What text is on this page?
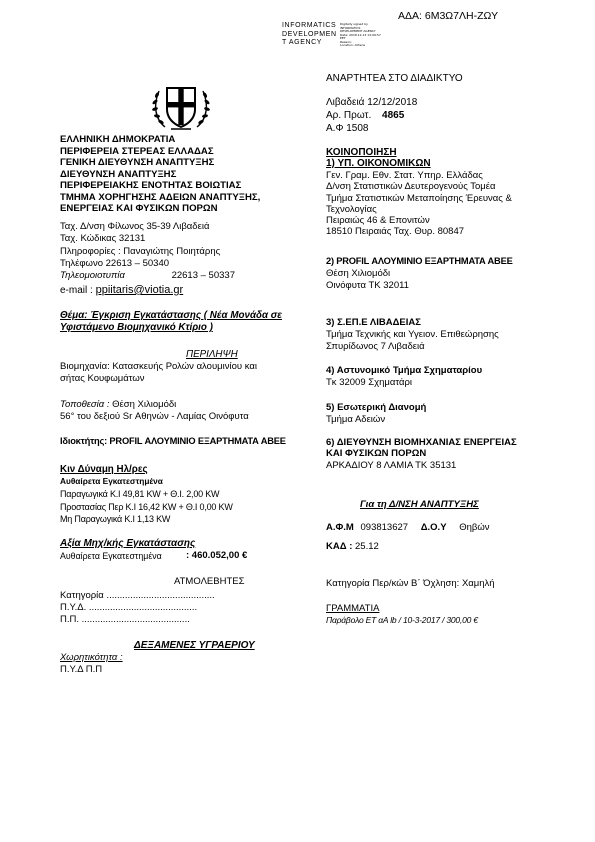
ΑΔΑ: 6Μ3Ω7ΛΗ-ΖΩΥ
INFORMATICS
DEVELOPMEN
T AGENCY
Digitally signed by
INFORMATICS
DEVELOPMENT AGENCY
Date: 2018.12.13 13:09:57
EET
Reason:
Location: Athens
ΑΝΑΡΤΗΤΕΑ ΣΤΟ ΔΙΑΔΙΚΤΥΟ
Λιβαδειά 12/12/2018
Αρ. Πρωτ. 4865
Α.Φ 1508
ΕΛΛΗΝΙΚΗ ΔΗΜΟΚΡΑΤΙΑ
ΠΕΡΙΦΕΡΕΙΑ ΣΤΕΡΕΑΣ ΕΛΛΑΔΑΣ
ΓΕΝΙΚΗ ΔΙΕΥΘΥΝΣΗ ΑΝΑΠΤΥΞΗΣ
ΔΙΕΥΘΥΝΣΗ ΑΝΑΠΤΥΞΗΣ
ΠΕΡΙΦΕΡΕΙΑΚΗΣ ΕΝΟΤΗΤΑΣ ΒΟΙΩΤΙΑΣ
ΤΜΗΜΑ ΧΟΡΗΓΗΣΗΣ ΑΔΕΙΩΝ ΑΝΑΠΤΥΞΗΣ,
ΕΝΕΡΓΕΙΑΣ ΚΑΙ ΦΥΣΙΚΩΝ ΠΟΡΩΝ
Ταχ. Δ/νση Φίλωνος 35-39 Λιβαδειά
Ταχ. Κώδικας 32131
Πληροφορίες : Παναγιώτης Ποιητάρης
Τηλέφωνο 22613 – 50340
Τηλεομοιοτυπία	22613 – 50337
e-mail : ppiitaris@viotia.gr
ΚΟΙΝΟΠΟΙΗΣΗ
1) ΥΠ. ΟΙΚΟΝΟΜΙΚΩΝ
Γεν. Γραμ. Εθν. Στατ. Υπηρ. Ελλάδας
Δ/νση Στατιστικών Δευτερογενούς Τομέα
Τμήμα Στατιστικών Μεταποίησης Έρευνας &
Τεχνολογίας
Πειραιώς 46 & Επονιτών
18510 Πειραιάς Ταχ. Θυρ. 80847
2) PROFIL ΑΛΟΥΜΙΝΙΟ ΕΞΑΡΤΗΜΑΤΑ ΑΒΕΕ
Θέση Χιλιομόδι
Οινόφυτα ΤΚ 32011
3) Σ.ΕΠ.Ε ΛΙΒΑΔΕΙΑΣ
Τμήμα Τεχνικής και Υγειον. Επιθεώρησης
Σπυρίδωνος 7 Λιβαδειά
4) Αστυνομικό Τμήμα Σχηματαρίου
Τκ 32009 Σχηματάρι
5) Εσωτερική Διανομή
Τμήμα Αδειών
6) ΔΙΕΥΘΥΝΣΗ ΒΙΟΜΗΧΑΝΙΑΣ ΕΝΕΡΓΕΙΑΣ
ΚΑΙ ΦΥΣΙΚΩΝ ΠΟΡΩΝ
ΑΡΚΑΔΙΟΥ 8 ΛΑΜΙΑ ΤΚ 35131
Θέμα: Έγκριση Εγκατάστασης ( Νέα Μονάδα σε
Υφιστάμενο Βιομηχανικό Κτίριο )
ΠΕΡΙΛΗΨΗ
Βιομηχανία: Κατασκευής Ρολών αλουμινίου και
σήτας Κουφωμάτων
Τοποθεσία : Θέση Χιλιομόδι
56° του δεξιού Sr Αθηνών - Λαμίας Οινόφυτα
Ιδιοκτήτης: PROFIL ΑΛΟΥΜΙΝΙΟ ΕΞΑΡΤΗΜΑΤΑ ΑΒΕΕ
Κιν Δύναμη Ηλ/ρες
Αυθαίρετα Εγκατεστημένα
Παραγωγικά Κ.Ι 49,81 KW + Θ.Ι. 2,00 KW
Προστασίας Περ Κ.Ι 16,42 KW + Θ.Ι 0,00 KW
Μη Παραγωγικά Κ.Ι 1,13 KW
Αξία Μηχ/κής Εγκατάστασης
Αυθαίρετα Εγκατεστημένα	: 460.052,00 €
ΑΤΜΟΛΕΒΗΤΕΣ
Κατηγορία .........................................
Π.Υ.Δ. .........................................
Π.Π. .........................................
ΔΕΞΑΜΕΝΕΣ ΥΓΡΑΕΡΙΟΥ
Χωρητικότητα :
Π.Υ.Δ Π.Π
Για τη Δ/ΝΣΗ ΑΝΑΠΤΥΞΗΣ
Α.Φ.Μ 093813627 Δ.Ο.Υ Θηβών
ΚΑΔ : 25.12
Κατηγορία Περ/κών Β΄ Όχληση: Χαμηλή
ΓΡΑΜΜΑΤΙΑ
Παράβολο ΕΤ αΑ lb / 10-3-2017 / 300,00 €
